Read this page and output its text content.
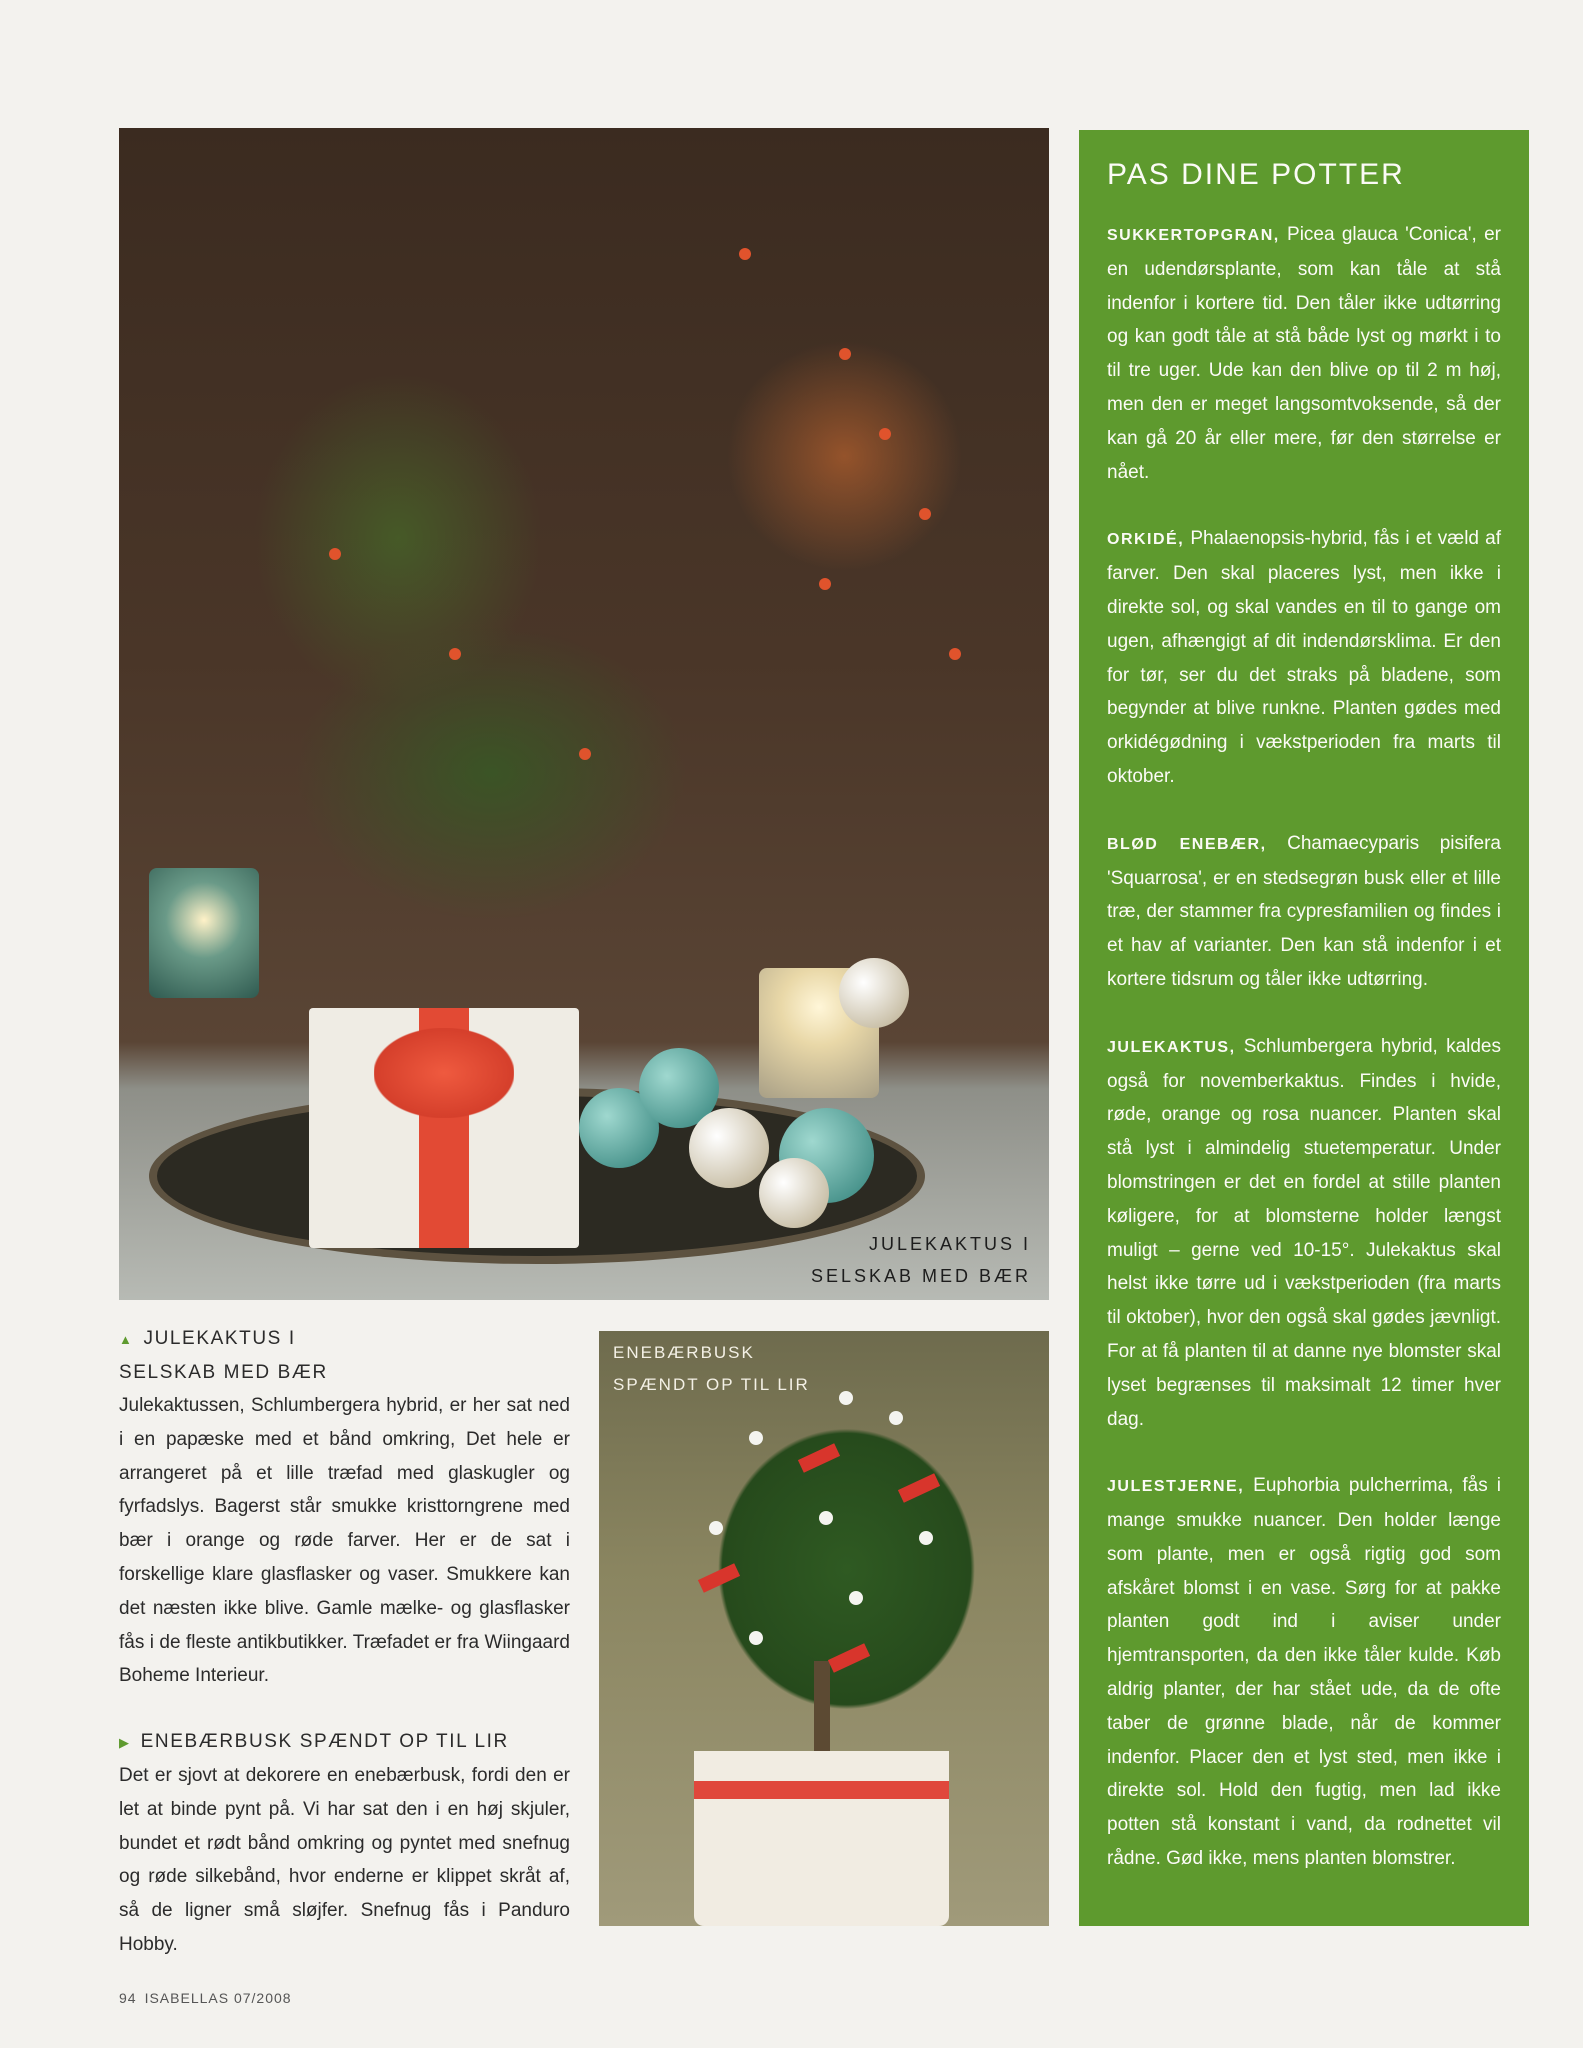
JULEKAKTUS I
SELSKAB MED BÆR
ENEBÆRBUSK
SPÆNDT OP TIL LIR
▲ JULEKAKTUS I
SELSKAB MED BÆR
Julekaktussen, Schlumbergera hybrid, er her sat ned i en papæske med et bånd omkring, Det hele er arrangeret på et lille træfad med glaskugler og fyrfadslys. Bagerst står smukke kristtorngrene med bær i orange og røde farver. Her er de sat i forskellige klare glasflasker og vaser. Smukkere kan det næsten ikke blive. Gamle mælke- og glasflasker fås i de fleste antikbutikker. Træfadet er fra Wiingaard Boheme Interieur.
▶ ENEBÆRBUSK SPÆNDT OP TIL LIR
Det er sjovt at dekorere en enebærbusk, fordi den er let at binde pynt på. Vi har sat den i en høj skjuler, bundet et rødt bånd omkring og pyntet med snefnug og røde silkebånd, hvor enderne er klippet skråt af, så de ligner små sløjfer. Snefnug fås i Panduro Hobby.
PAS DINE POTTER

SUKKERTOPGRAN, Picea glauca 'Conica', er en udendørsplante, som kan tåle at stå indenfor i kortere tid. Den tåler ikke udtørring og kan godt tåle at stå både lyst og mørkt i to til tre uger. Ude kan den blive op til 2 m høj, men den er meget langsomtvoksende, så der kan gå 20 år eller mere, før den størrelse er nået.

ORKIDÉ, Phalaenopsis-hybrid, fås i et væld af farver. Den skal placeres lyst, men ikke i direkte sol, og skal vandes en til to gange om ugen, afhængigt af dit indendørsklima. Er den for tør, ser du det straks på bladene, som begynder at blive runkne. Planten gødes med orkidégødning i vækstperioden fra marts til oktober.

BLØD ENEBÆR, Chamaecyparis pisifera 'Squarrosa', er en stedsegrøn busk eller et lille træ, der stammer fra cypresfamilien og findes i et hav af varianter. Den kan stå indenfor i et kortere tidsrum og tåler ikke udtørring.

JULEKAKTUS, Schlumbergera hybrid, kaldes også for novemberkaktus. Findes i hvide, røde, orange og rosa nuancer. Planten skal stå lyst i almindelig stuetemperatur. Under blomstringen er det en fordel at stille planten køligere, for at blomsterne holder længst muligt – gerne ved 10-15°. Julekaktus skal helst ikke tørre ud i vækstperioden (fra marts til oktober), hvor den også skal gødes jævnligt. For at få planten til at danne nye blomster skal lyset begrænses til maksimalt 12 timer hver dag.

JULESTJERNE, Euphorbia pulcherrima, fås i mange smukke nuancer. Den holder længe som plante, men er også rigtig god som afskåret blomst i en vase. Sørg for at pakke planten godt ind i aviser under hjemtransporten, da den ikke tåler kulde. Køb aldrig planter, der har stået ude, da de ofte taber de grønne blade, når de kommer indenfor. Placer den et lyst sted, men ikke i direkte sol. Hold den fugtig, men lad ikke potten stå konstant i vand, da rodnettet vil rådne. Gød ikke, mens planten blomstrer.

94 ISABELLAS 07/2008
